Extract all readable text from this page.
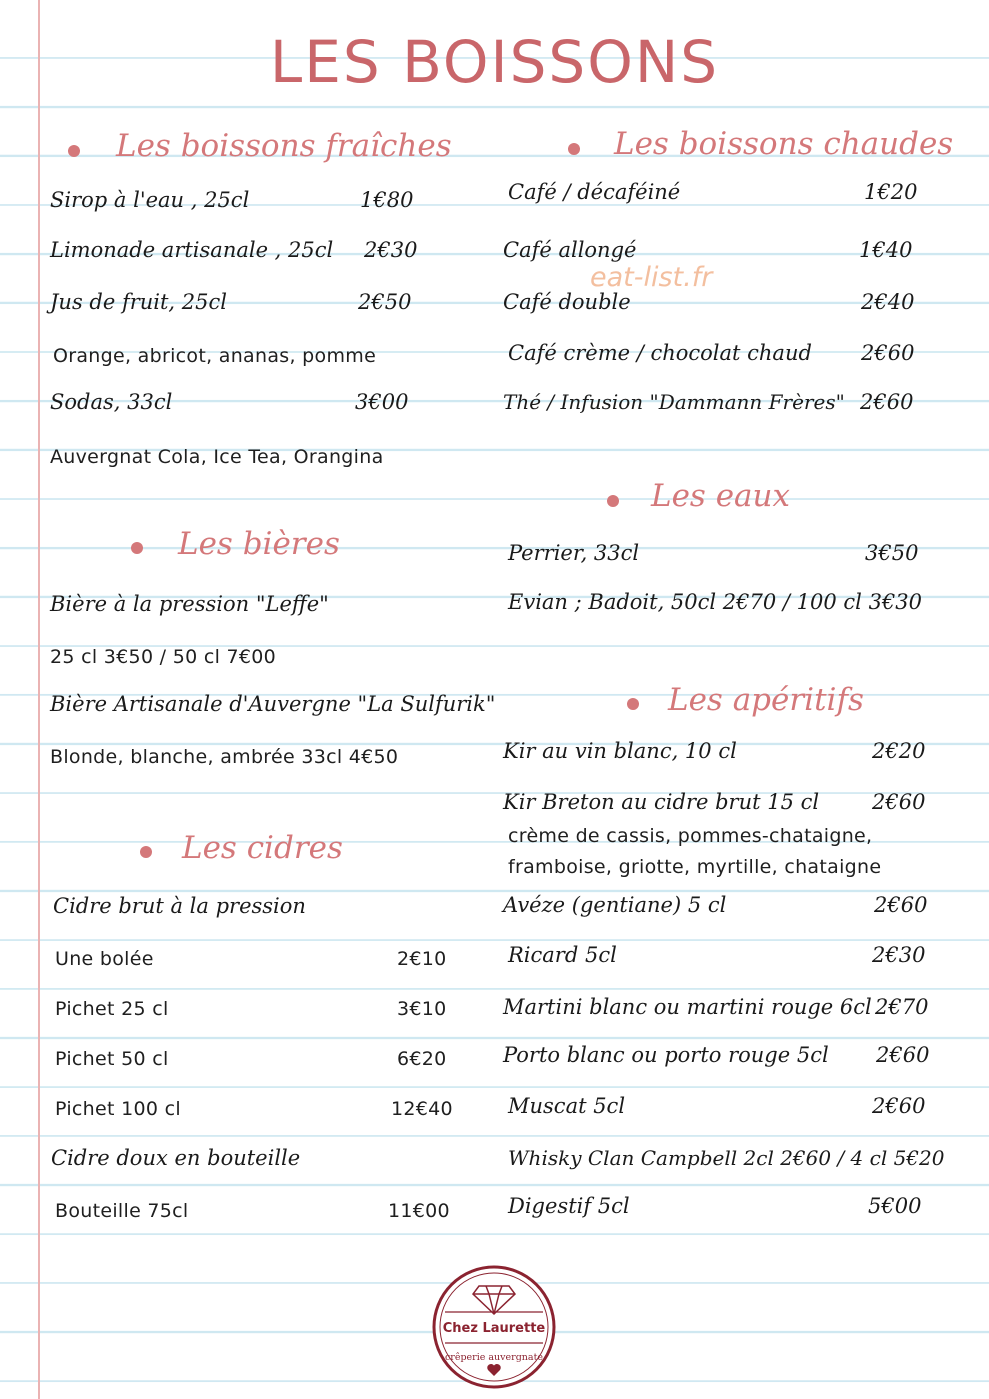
LES BOISSONS
Les boissons fraîches
Sirop à l'eau , 25cl	1€80
Limonade artisanale , 25cl 2€30
Jus de fruit, 25cl	2€50
Orange, abricot, ananas, pomme
Sodas, 33cl	3€00
Auvergnat Cola, Ice Tea, Orangina
Les bières
Bière à la pression "Leffe"
25 cl 3€50 / 50 cl 7€00
Bière Artisanale d'Auvergne "La Sulfurik"
Blonde, blanche, ambrée 33cl 4€50
Les cidres
Cidre brut à la pression
Une bolée	2€10
Pichet 25 cl	3€10
Pichet 50 cl	6€20
Pichet 100 cl	12€40
Cidre doux en bouteille
Bouteille 75cl	11€00
Les boissons chaudes
Café / décaféiné	1€20
Café allongé	1€40
Café double	2€40
Café crème / chocolat chaud 2€60
Thé / Infusion "Dammann Frères" 2€60
eat-list.fr
Les eaux
Perrier, 33cl	3€50
Evian ; Badoit, 50cl 2€70 / 100 cl 3€30
Les apéritifs
Kir au vin blanc, 10 cl	2€20
Kir Breton au cidre brut 15 cl	2€60
crème de cassis, pommes-chataigne,
framboise, griotte, myrtille, chataigne
Avéze (gentiane) 5 cl	2€60
Ricard 5cl	2€30
Martini blanc ou martini rouge 6cl 2€70
Porto blanc ou porto rouge 5cl 2€60
Muscat 5cl	2€60
Whisky Clan Campbell 2cl 2€60 / 4 cl 5€20
Digestif 5cl	5€00
Chez Laurette
crêperie auvergnate
